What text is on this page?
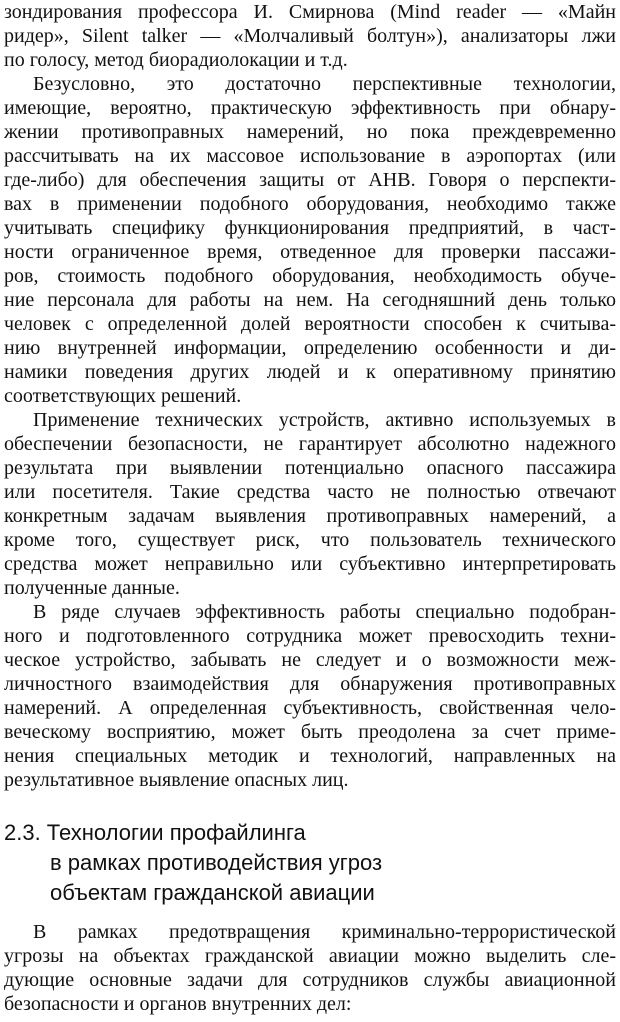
зондирования профессора И. Смирнова (Mind reader — «Майн
ридер», Silent talker — «Молчаливый болтун»), анализаторы лжи
по голосу, метод биорадиолокации и т.д.
Безусловно, это достаточно перспективные технологии,
имеющие, вероятно, практическую эффективность при обнару-
жении противоправных намерений, но пока преждевременно
рассчитывать на их массовое использование в аэропортах (или
где-либо) для обеспечения защиты от АНВ. Говоря о перспекти-
вах в применении подобного оборудования, необходимо также
учитывать специфику функционирования предприятий, в част-
ности ограниченное время, отведенное для проверки пассажи-
ров, стоимость подобного оборудования, необходимость обуче-
ние персонала для работы на нем. На сегодняшний день только
человек с определенной долей вероятности способен к считыва-
нию внутренней информации, определению особенности и ди-
намики поведения других людей и к оперативному принятию
соответствующих решений.
Применение технических устройств, активно используемых в
обеспечении безопасности, не гарантирует абсолютно надежного
результата при выявлении потенциально опасного пассажира
или посетителя. Такие средства часто не полностью отвечают
конкретным задачам выявления противоправных намерений, а
кроме того, существует риск, что пользователь технического
средства может неправильно или субъективно интерпретировать
полученные данные.
В ряде случаев эффективность работы специально подобран-
ного и подготовленного сотрудника может превосходить техни-
ческое устройство, забывать не следует и о возможности меж-
личностного взаимодействия для обнаружения противоправных
намерений. А определенная субъективность, свойственная чело-
веческому восприятию, может быть преодолена за счет приме-
нения специальных методик и технологий, направленных на
результативное выявление опасных лиц.
2.3. Технологии профайлинга
в рамках противодействия угроз
объектам гражданской авиации
В рамках предотвращения криминально-террористической
угрозы на объектах гражданской авиации можно выделить сле-
дующие основные задачи для сотрудников службы авиационной
безопасности и органов внутренних дел:
